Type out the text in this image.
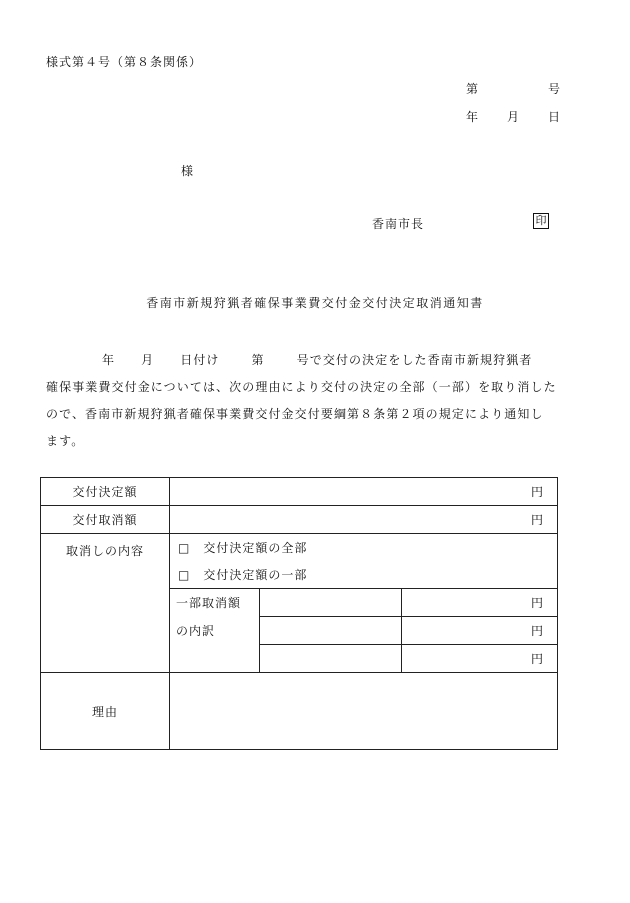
様式第４号（第８条関係）
第	号
年 月 日
様
香南市長	印
香南市新規狩猟者確保事業費交付金交付決定取消通知書
年 月 日付け	第	号で交付の決定をした香南市新規狩猟者
確保事業費交付金については、次の理由により交付の決定の全部（一部）を取り消した
ので、香南市新規狩猟者確保事業費交付金交付要綱第８条第２項の規定により通知し
ます。
交付決定額	円		
交付取消額	円		
取消しの内容	□　交付決定額の全部		
	□　交付決定額の一部		

	一部取消額
の内訳		円
			円
			円
理由			
